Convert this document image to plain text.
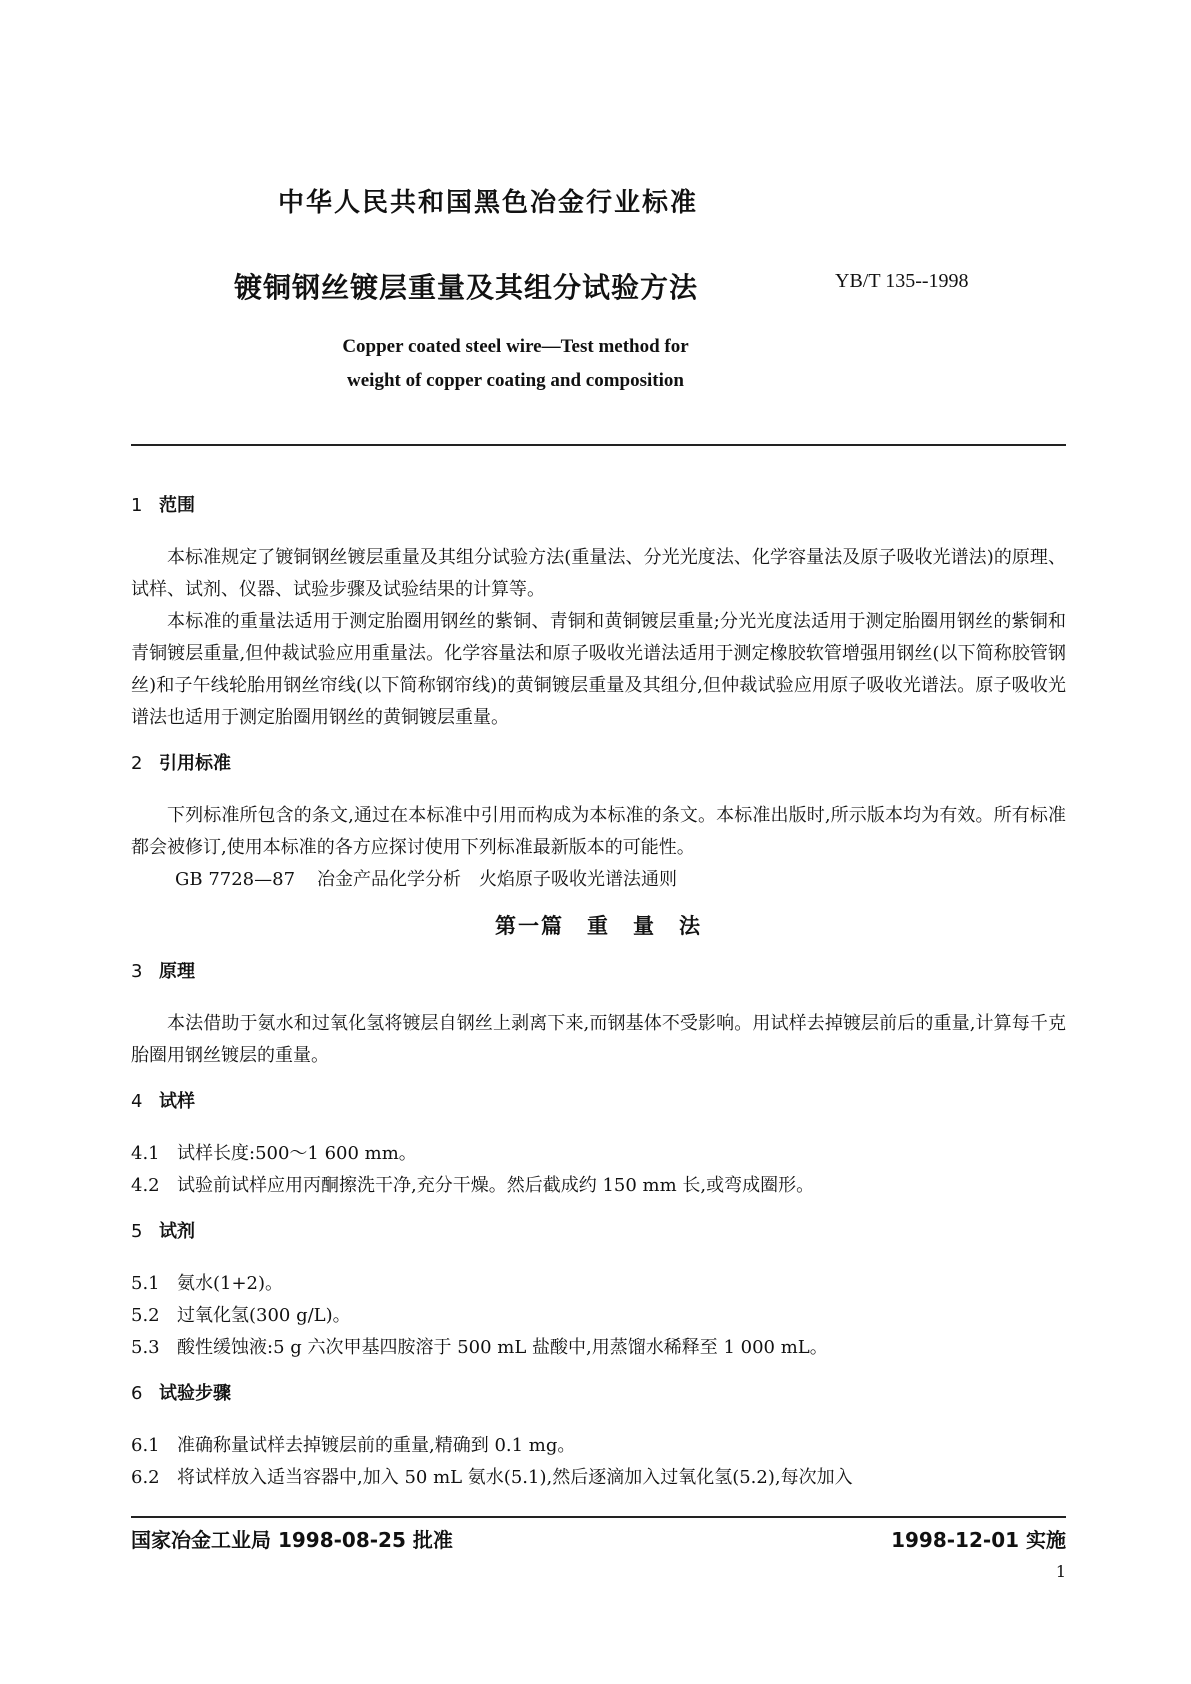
中华人民共和国黑色冶金行业标准
镀铜钢丝镀层重量及其组分试验方法	YB/T 135--1998
Copper coated steel wire—Test method for
weight of copper coating and composition

1 范围

本标准规定了镀铜钢丝镀层重量及其组分试验方法(重量法、分光光度法、化学容量法及原子吸收光谱法)的原理、试样、试剂、仪器、试验步骤及试验结果的计算等。

本标准的重量法适用于测定胎圈用钢丝的紫铜、青铜和黄铜镀层重量;分光光度法适用于测定胎圈用钢丝的紫铜和青铜镀层重量,但仲裁试验应用重量法。化学容量法和原子吸收光谱法适用于测定橡胶软管增强用钢丝(以下简称胶管钢丝)和子午线轮胎用钢丝帘线(以下简称钢帘线)的黄铜镀层重量及其组分,但仲裁试验应用原子吸收光谱法。原子吸收光谱法也适用于测定胎圈用钢丝的黄铜镀层重量。

2 引用标准

下列标准所包含的条文,通过在本标准中引用而构成为本标准的条文。本标准出版时,所示版本均为有效。所有标准都会被修订,使用本标准的各方应探讨使用下列标准最新版本的可能性。

GB 7728—87 冶金产品化学分析　火焰原子吸收光谱法通则

第一篇　重　量　法

3 原理

本法借助于氨水和过氧化氢将镀层自钢丝上剥离下来,而钢基体不受影响。用试样去掉镀层前后的重量,计算每千克胎圈用钢丝镀层的重量。

4 试样

4.1 试样长度:500～1 600 mm。

4.2 试验前试样应用丙酮擦洗干净,充分干燥。然后截成约 150 mm 长,或弯成圈形。

5 试剂

5.1 氨水(1+2)。

5.2 过氧化氢(300 g/L)。

5.3 酸性缓蚀液:5 g 六次甲基四胺溶于 500 mL 盐酸中,用蒸馏水稀释至 1 000 mL。

6 试验步骤

6.1 准确称量试样去掉镀层前的重量,精确到 0.1 mg。

6.2 将试样放入适当容器中,加入 50 mL 氨水(5.1),然后逐滴加入过氧化氢(5.2),每次加入

国家冶金工业局 1998-08-25 批准	1998-12-01 实施
1
